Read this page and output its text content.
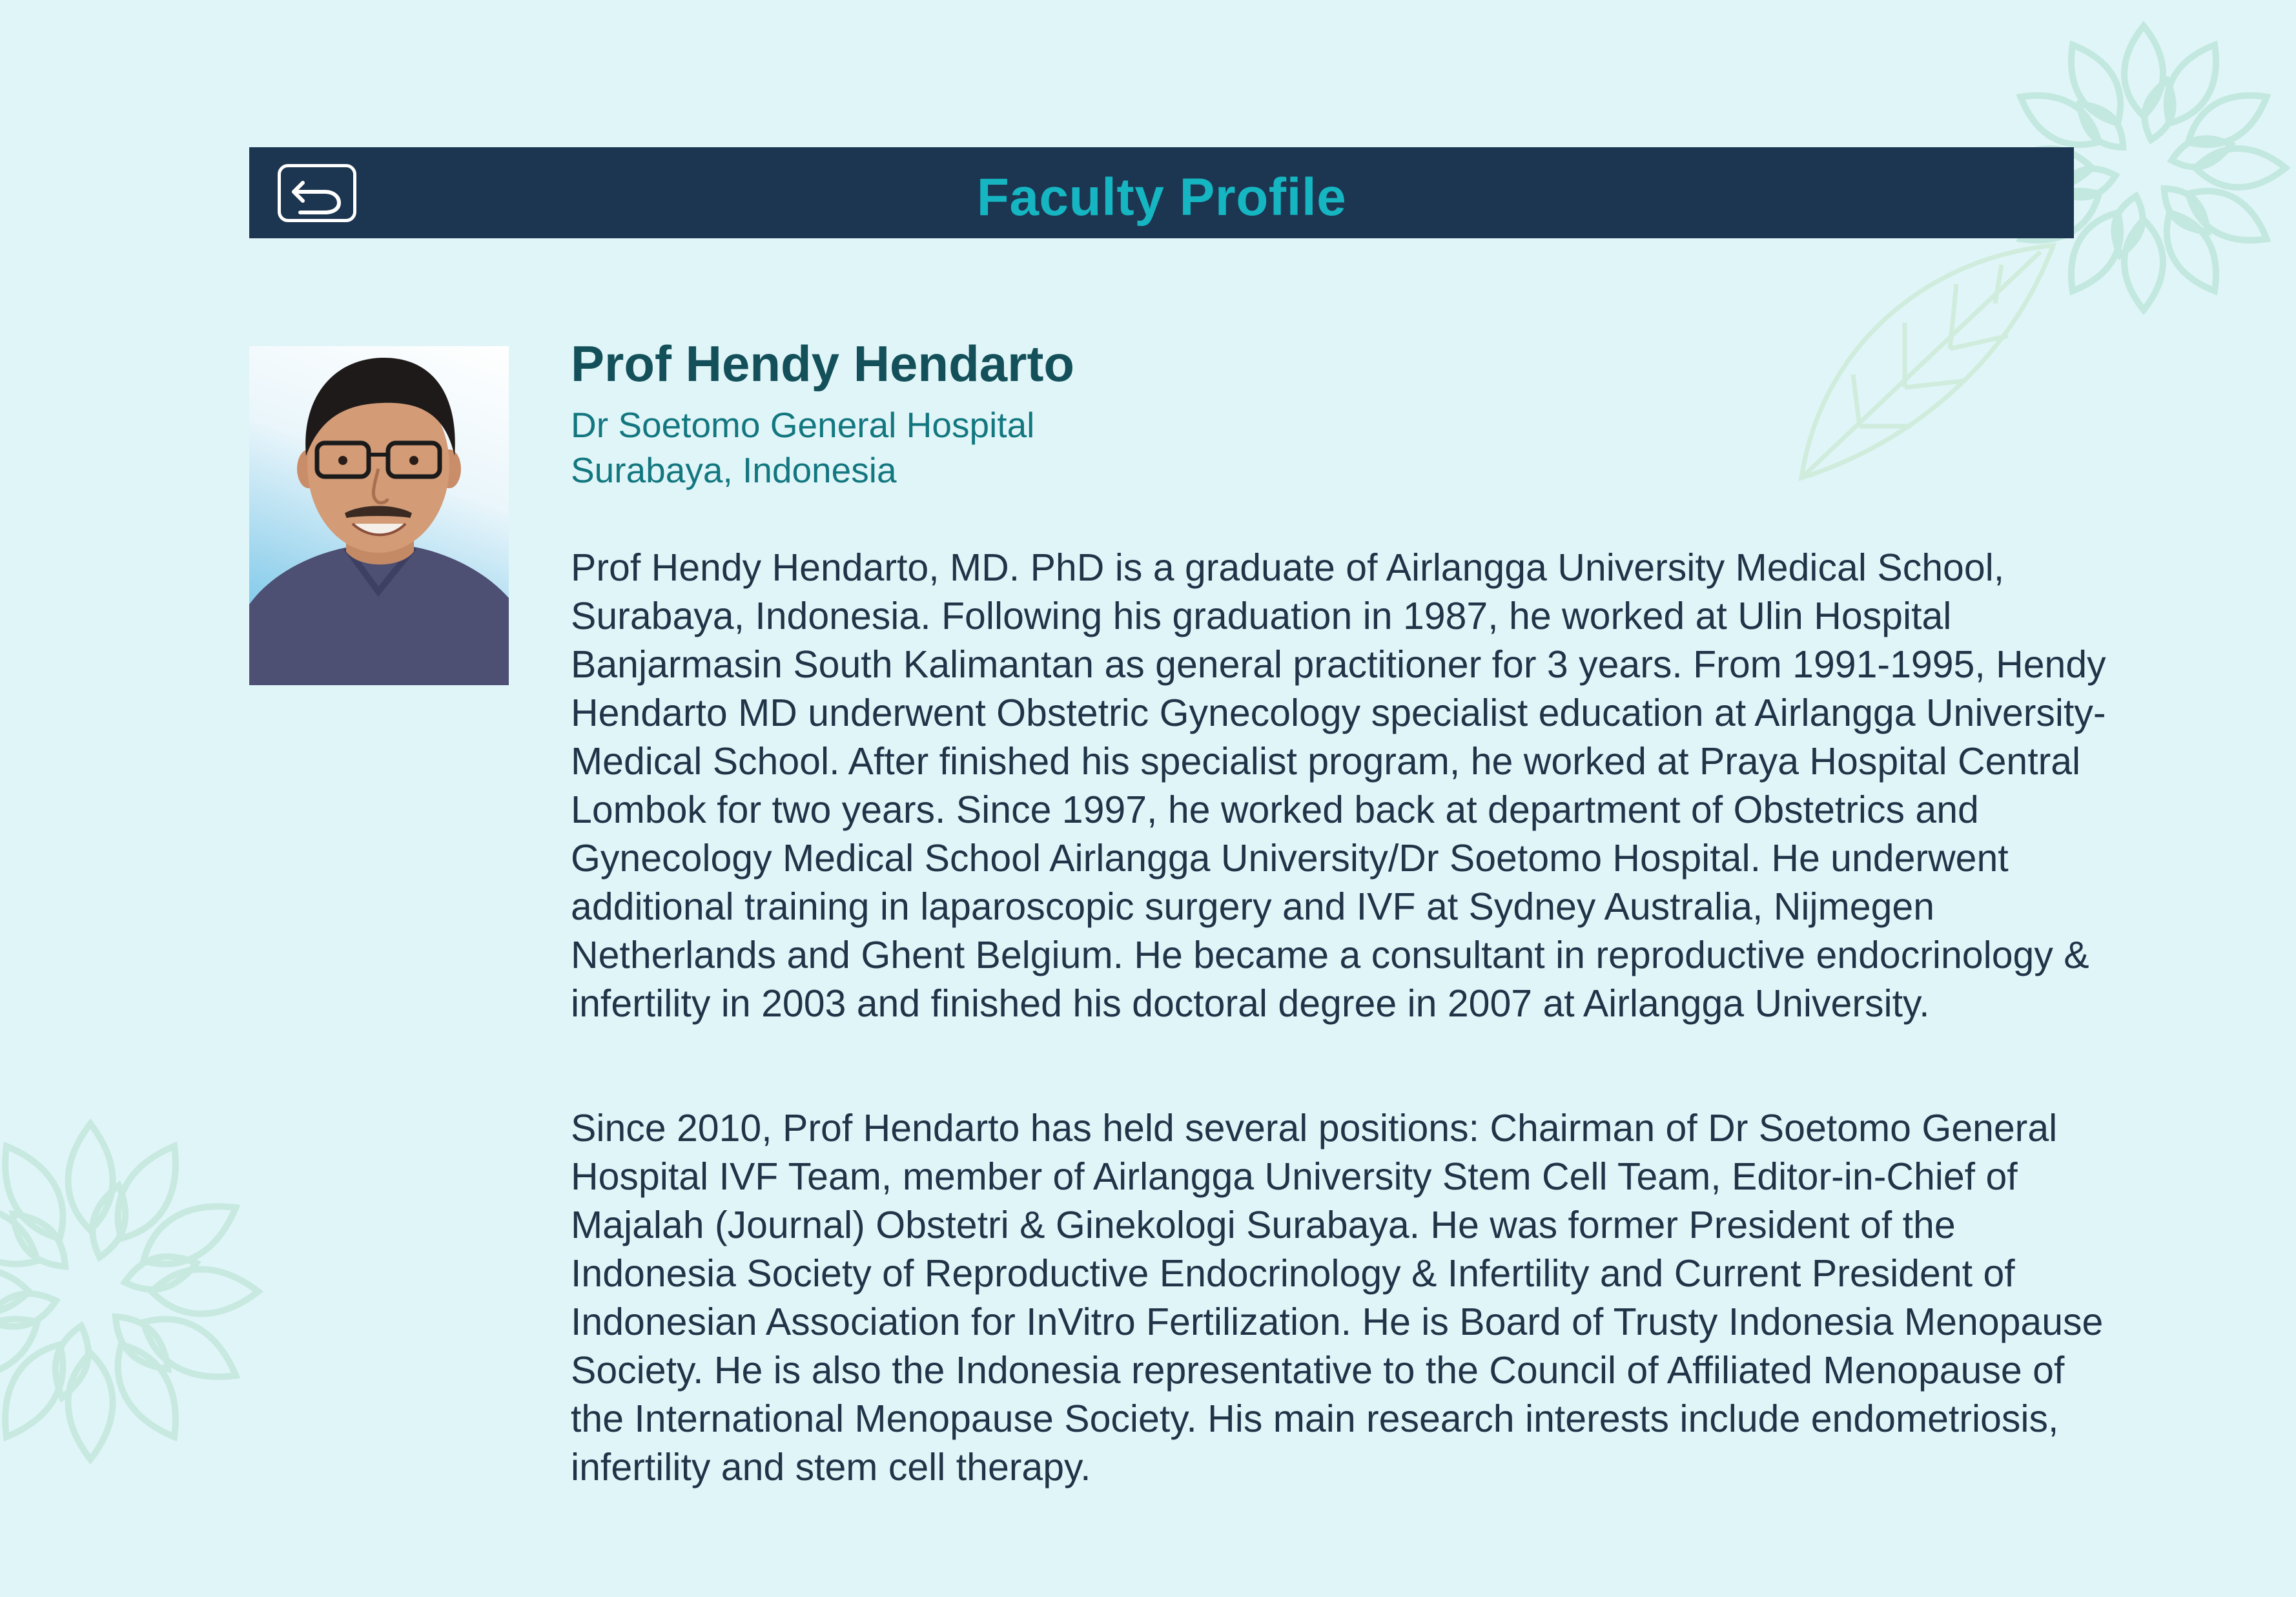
Faculty Profile
Prof Hendy Hendarto
Dr Soetomo General Hospital
Surabaya, Indonesia

Prof Hendy Hendarto, MD. PhD is a graduate of Airlangga University Medical School, Surabaya, Indonesia. Following his graduation in 1987, he worked at Ulin Hospital Banjarmasin South Kalimantan as general practitioner for 3 years. From 1991-1995, Hendy Hendarto MD underwent Obstetric Gynecology specialist education at Airlangga University-Medical School. After finished his specialist program, he worked at Praya Hospital Central Lombok for two years. Since 1997, he worked back at department of Obstetrics and Gynecology Medical School Airlangga University/Dr Soetomo Hospital. He underwent additional training in laparoscopic surgery and IVF at Sydney Australia, Nijmegen Netherlands and Ghent Belgium. He became a consultant in reproductive endocrinology & infertility in 2003 and finished his doctoral degree in 2007 at Airlangga University.

Since 2010, Prof Hendarto has held several positions: Chairman of Dr Soetomo General Hospital IVF Team, member of Airlangga University Stem Cell Team, Editor-in-Chief of Majalah (Journal) Obstetri & Ginekologi Surabaya. He was former President of the Indonesia Society of Reproductive Endocrinology & Infertility and Current President of Indonesian Association for InVitro Fertilization. He is Board of Trusty Indonesia Menopause Society. He is also the Indonesia representative to the Council of Affiliated Menopause of the International Menopause Society. His main research interests include endometriosis, infertility and stem cell therapy.
